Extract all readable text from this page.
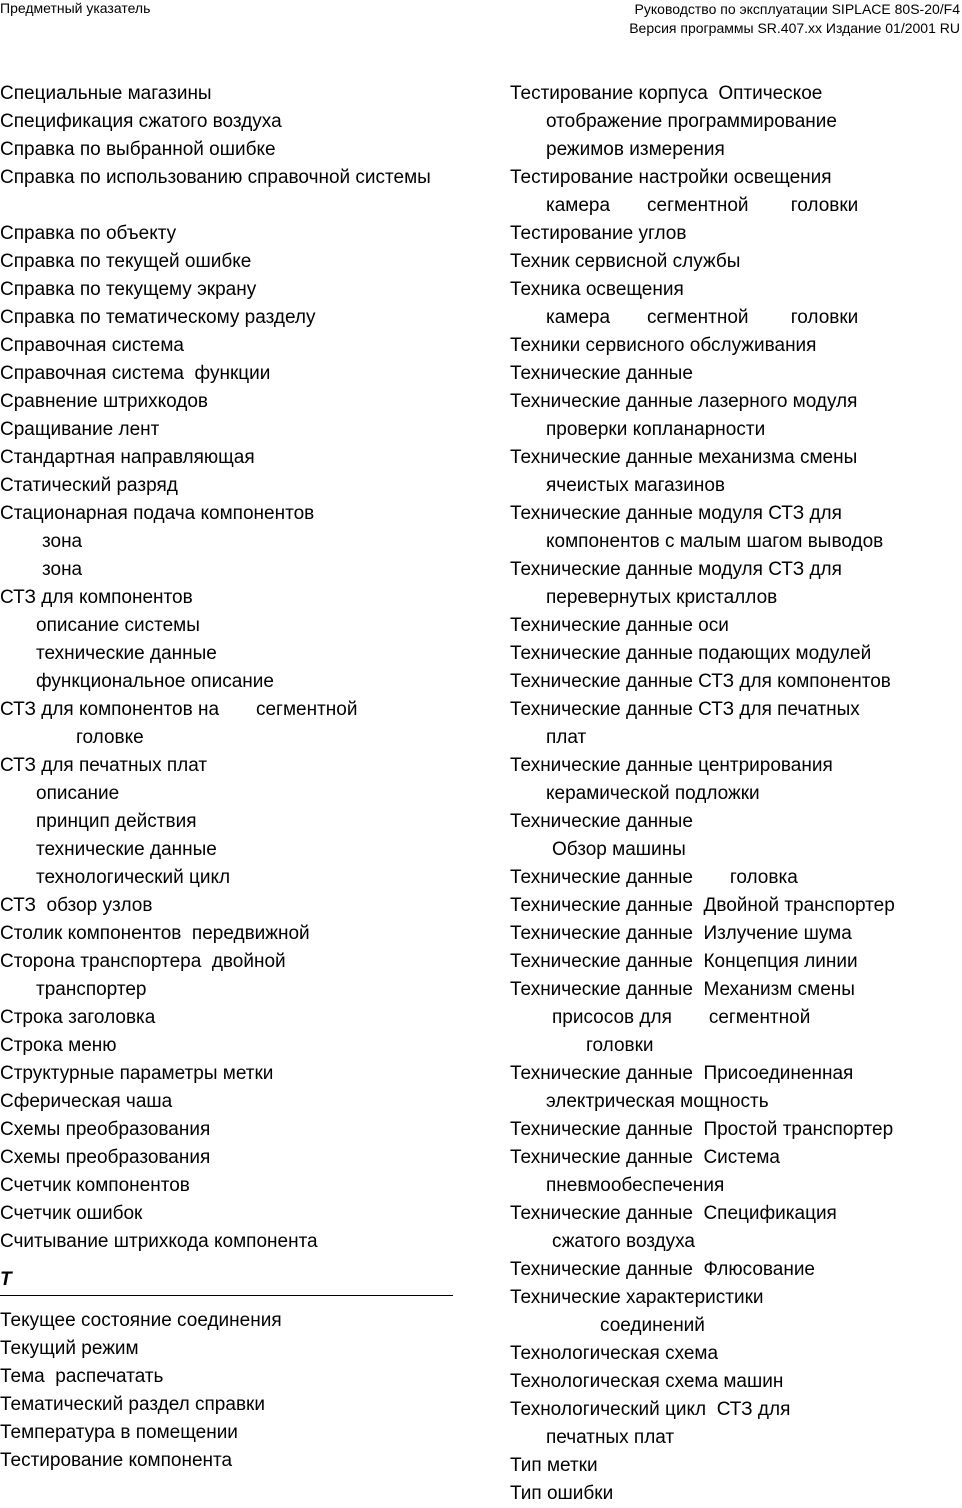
Предметный указатель	Руководство по эксплуатации SIPLACE 80S-20/F4
Версия программы SR.407.xx Издание 01/2001 RU
Специальные магазины
Спецификация сжатого воздуха
Справка по выбранной ошибке
Справка по использованию справочной системы
Справка по объекту
Справка по текущей ошибке
Справка по текущему экрану
Справка по тематическому разделу
Справочная система
Справочная система  функции
Сравнение штрихкодов
Сращивание лент
Стандартная направляющая
Статический разряд
Стационарная подача компонентов
зона
зона
СТЗ для компонентов
описание системы
технические данные
функциональное описание
СТЗ для компонентов на       сегментной
головке
СТЗ для печатных плат
описание
принцип действия
технические данные
технологический цикл
СТЗ  обзор узлов
Столик компонентов  передвижной
Сторона транспортера  двойной
транспортер
Строка заголовка
Строка меню
Структурные параметры метки
Сферическая чаша
Схемы преобразования
Схемы преобразования
Счетчик компонентов
Счетчик ошибок
Считывание штрихкода компонента
Т
Текущее состояние соединения
Текущий режим
Тема  распечатать
Тематический раздел справки
Температура в помещении
Тестирование компонента
Тестирование корпуса  Оптическое
отображение программирование
режимов измерения
Тестирование настройки освещения
камера       сегментной        головки
Тестирование углов
Техник сервисной службы
Техника освещения
камера       сегментной        головки
Техники сервисного обслуживания
Технические данные
Технические данные лазерного модуля
проверки копланарности
Технические данные механизма смены
ячеистых магазинов
Технические данные модуля СТЗ для
компонентов с малым шагом выводов
Технические данные модуля СТЗ для
перевернутых кристаллов
Технические данные оси
Технические данные подающих модулей
Технические данные СТЗ для компонентов
Технические данные СТЗ для печатных
плат
Технические данные центрирования
керамической подложки
Технические данные
Обзор машины
Технические данные       головка
Технические данные  Двойной транспортер
Технические данные  Излучение шума
Технические данные  Концепция линии
Технические данные  Механизм смены
присосов для       сегментной
головки
Технические данные  Присоединенная
электрическая мощность
Технические данные  Простой транспортер
Технические данные  Система
пневмообеспечения
Технические данные  Спецификация
сжатого воздуха
Технические данные  Флюсование
Технические характеристики
соединений
Технологическая схема
Технологическая схема машин
Технологический цикл  СТЗ для
печатных плат
Тип метки
Тип ошибки
